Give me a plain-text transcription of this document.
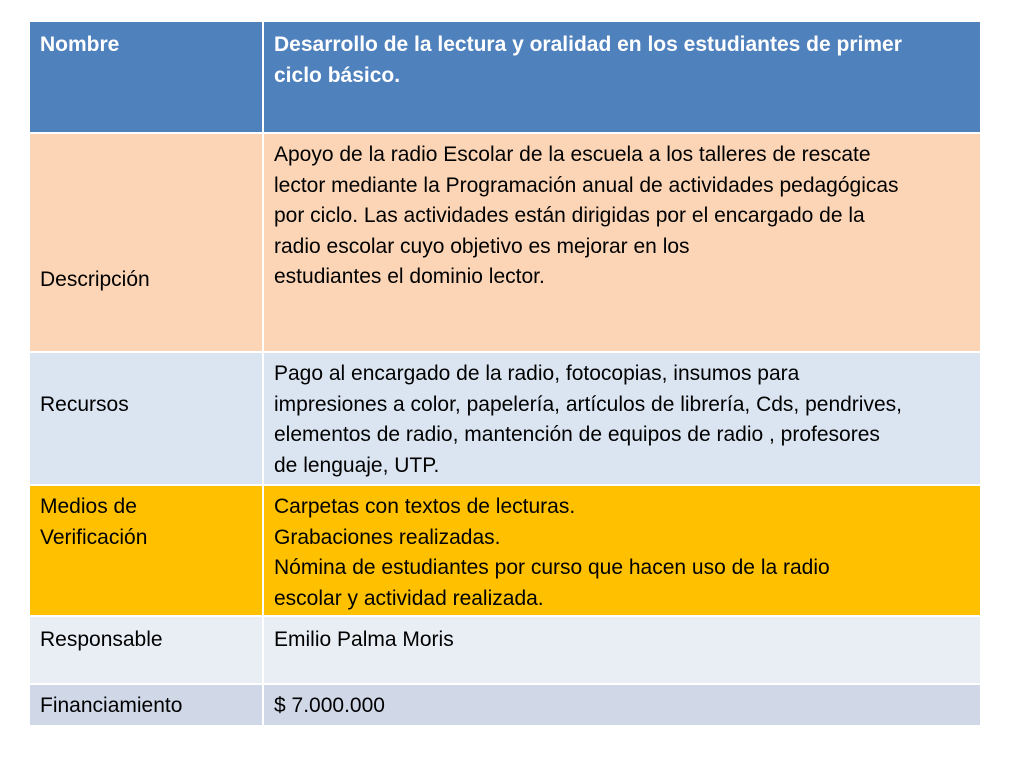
Nombre	Desarrollo de la lectura y oralidad en los estudiantes de primer
ciclo básico.

Descripción	Apoyo de la radio Escolar de la escuela a los talleres de rescate
lector mediante la Programación anual de actividades pedagógicas
por ciclo. Las actividades están dirigidas por el encargado de la
radio escolar cuyo objetivo es mejorar en los
estudiantes el dominio lector.

Recursos	Pago al encargado de la radio, fotocopias, insumos para
impresiones a color, papelería, artículos de librería, Cds, pendrives,
elementos de radio, mantención de equipos de radio , profesores
de lenguaje, UTP.

Medios de
Verificación	Carpetas con textos de lecturas.
Grabaciones realizadas.
Nómina de estudiantes por curso que hacen uso de la radio
escolar y actividad realizada.

Responsable	Emilio Palma Moris
Financiamiento	$ 7.000.000
